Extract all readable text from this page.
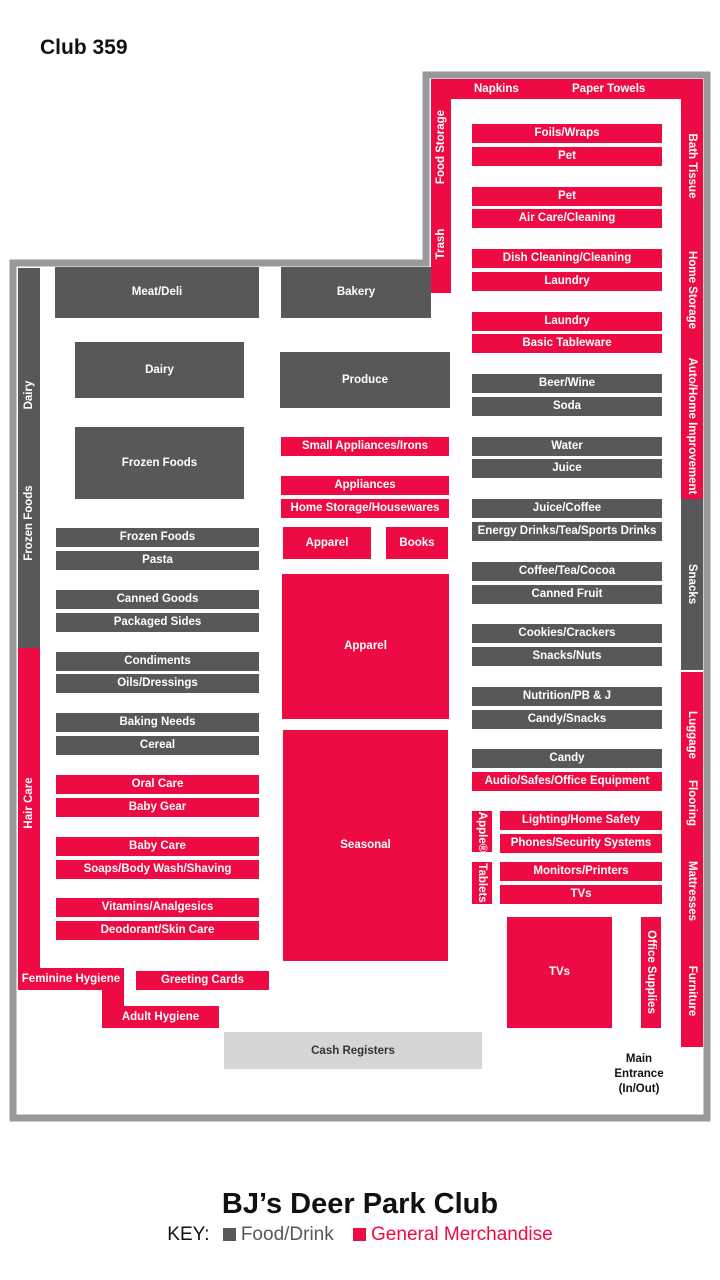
Club 359
Napkins	Paper Towels
Food Storage
Trash
Bath Tissue
Home Storage
Auto/Home Improvement
Snacks
Luggage
Flooring
Mattresses
Furniture
Dairy
Frozen Foods
Hair Care
Feminine Hygiene
Adult Hygiene
Meat/Deli
Dairy
Frozen Foods
Frozen Foods
Pasta
Canned Goods
Packaged Sides
Condiments
Oils/Dressings
Baking Needs
Cereal
Oral Care
Baby Gear
Baby Care
Soaps/Body Wash/Shaving
Vitamins/Analgesics
Deodorant/Skin Care
Greeting Cards
Bakery
Produce
Small Appliances/Irons
Appliances
Home Storage/Housewares
Apparel	Books
Apparel
Seasonal
Foils/Wraps
Pet
Pet
Air Care/Cleaning
Dish Cleaning/Cleaning
Laundry
Laundry
Basic Tableware
Beer/Wine
Soda
Water
Juice
Juice/Coffee
Energy Drinks/Tea/Sports Drinks
Coffee/Tea/Cocoa
Canned Fruit
Cookies/Crackers
Snacks/Nuts
Nutrition/PB & J
Candy/Snacks
Candy
Audio/Safes/Office Equipment
Apple®	Lighting/Home Safety
Phones/Security Systems
Tablets	Monitors/Printers
TVs
TVs	Office Supplies
Cash Registers
Main
Entrance
(In/Out)
BJ’s Deer Park Club
KEY: Food/Drink General Merchandise
